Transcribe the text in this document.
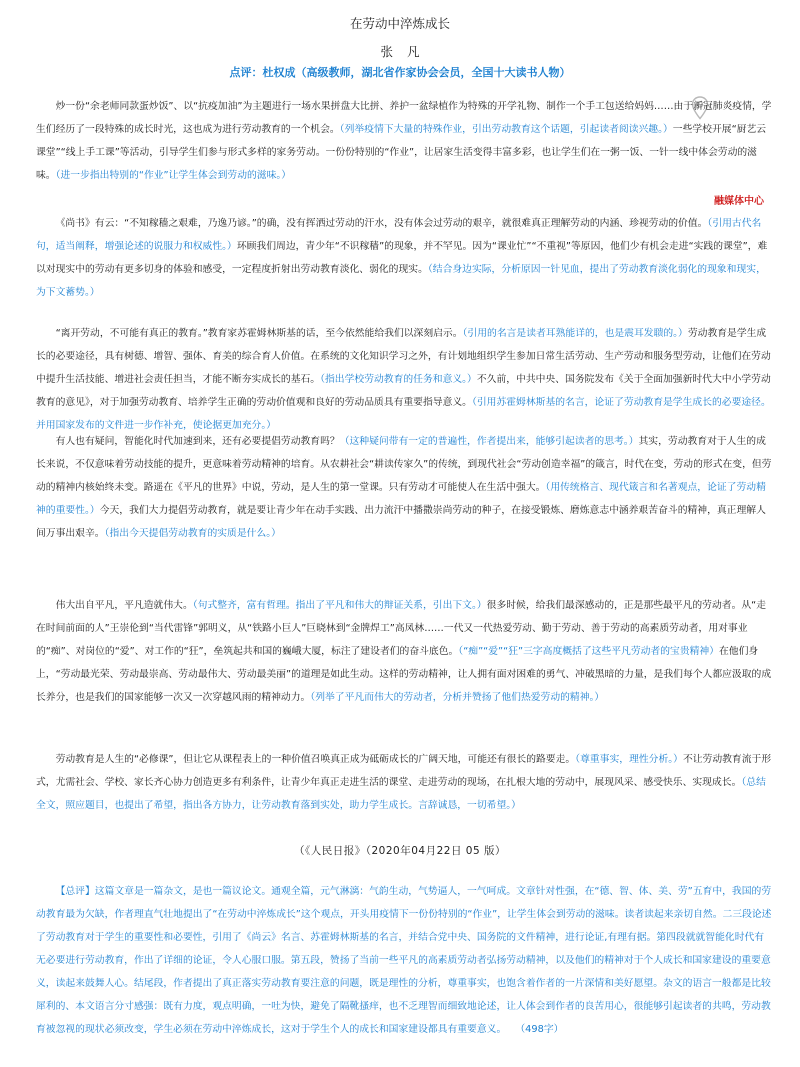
在劳动中淬炼成长
张凡
点评：杜权成（高级教师，湖北省作家协会会员，全国十大读书人物）

炒一份“余老师同款蛋炒饭”、以“抗疫加油”为主题进行一场水果拼盘大比拼、养护一盆绿植作为特殊的开学礼物、制作一个手工包送给妈妈……由于新冠肺炎疫情，学生们经历了一段特殊的成长时光，这也成为进行劳动教育的一个机会。（列举疫情下大量的特殊作业，引出劳动教育这个话题，引起读者阅读兴趣。）一些学校开展“厨艺云课堂”“线上手工课”等活动，引导学生们参与形式多样的家务劳动。一份份特别的“作业”，让居家生活变得丰富多彩，也让学生们在一粥一饭、一针一线中体会劳动的滋味。（进一步指出特别的“作业”让学生体会到劳动的滋味。）

融媒体中心

《尚书》有云：“不知稼穑之艰难，乃逸乃谚。”的确，没有挥洒过劳动的汗水，没有体会过劳动的艰辛，就很难真正理解劳动的内涵、珍视劳动的价值。（引用古代名句，适当阐释，增强论述的说服力和权威性。）环顾我们周边，青少年“不识稼穑”的现象，并不罕见。因为“课业忙”“不重视”等原因，他们少有机会走进“实践的课堂”，难以对现实中的劳动有更多切身的体验和感受，一定程度折射出劳动教育淡化、弱化的现实。（结合身边实际，分析原因一针见血，提出了劳动教育淡化弱化的现象和现实，为下文蓄势。）

“离开劳动，不可能有真正的教育。”教育家苏霍姆林斯基的话，至今依然能给我们以深刻启示。（引用的名言是读者耳熟能详的，也是震耳发聩的。）劳动教育是学生成长的必要途径，具有树德、增智、强体、育美的综合育人价值。在系统的文化知识学习之外，有计划地组织学生参加日常生活劳动、生产劳动和服务型劳动，让他们在劳动中提升生活技能、增进社会责任担当，才能不断夯实成长的基石。（指出学校劳动教育的任务和意义。）不久前，中共中央、国务院发布《关于全面加强新时代大中小学劳动教育的意见》，对于加强劳动教育、培养学生正确的劳动价值观和良好的劳动品质具有重要指导意义。（引用苏霍姆林斯基的名言，论证了劳动教育是学生成长的必要途径。并用国家发布的文件进一步作补充，使论据更加充分。）

有人也有疑问，智能化时代加速到来，还有必要提倡劳动教育吗？（这种疑问带有一定的普遍性，作者提出来，能够引起读者的思考。）其实，劳动教育对于人生的成长来说，不仅意味着劳动技能的提升，更意味着劳动精神的培育。从农耕社会“耕读传家久”的传统，到现代社会“劳动创造幸福”的箴言，时代在变，劳动的形式在变，但劳动的精神内核始终未变。路遥在《平凡的世界》中说，劳动，是人生的第一堂课。只有劳动才可能使人在生活中强大。（用传统格言、现代箴言和名著观点，论证了劳动精神的重要性。）今天，我们大力提倡劳动教育，就是要让青少年在动手实践、出力流汗中播撒崇尚劳动的种子，在接受锻炼、磨炼意志中涵养艰苦奋斗的精神，真正理解人间万事出艰辛。（指出今天提倡劳动教育的实质是什么。）

伟大出自平凡，平凡造就伟大。（句式整齐，富有哲理。指出了平凡和伟大的辩证关系，引出下文。）很多时候，给我们最深感动的，正是那些最平凡的劳动者。从“走在时间前面的人”王崇伦到“当代雷锋”郭明义，从“铁路小巨人”巨晓林到“金牌焊工”高凤林……一代又一代热爱劳动、勤于劳动、善于劳动的高素质劳动者，用对事业的“痴”、对岗位的“爱”、对工作的“狂”，垒筑起共和国的巍峨大厦，标注了建设者们的奋斗底色。（“痴”“爱”“狂”三字高度概括了这些平凡劳动者的宝贵精神）在他们身上，“劳动最光荣、劳动最崇高、劳动最伟大、劳动最美丽”的道理是如此生动。这样的劳动精神，让人拥有面对困难的勇气、冲破黑暗的力量，是我们每个人都应汲取的成长养分，也是我们的国家能够一次又一次穿越风雨的精神动力。（列举了平凡而伟大的劳动者，分析并赞扬了他们热爱劳动的精神。）

劳动教育是人生的“必修课”，但让它从课程表上的一种价值召唤真正成为砥砺成长的广阔天地，可能还有很长的路要走。（尊重事实，理性分析。）不让劳动教育流于形式，尤需社会、学校、家长齐心协力创造更多有利条件，让青少年真正走进生活的课堂、走进劳动的现场，在扎根大地的劳动中，展现风采、感受快乐、实现成长。（总结全文，照应题目，也提出了希望，指出各方协力，让劳动教育落到实处，助力学生成长。言辞诚恳，一切希望。）

（《人民日报》（2020年04月22日 05 版）

【总评】这篇文章是一篇杂文，是也一篇议论文。通观全篇，元气淋漓：气韵生动，气势逼人，一气呵成。文章针对性强，在“德、智、体、美、劳”五育中，我国的劳动教育最为欠缺，作者理直气壮地提出了“在劳动中淬炼成长”这个观点，开头用疫情下一份份特别的“作业”，让学生体会到劳动的滋味。读者读起来亲切自然。二三段论述了劳动教育对于学生的重要性和必要性，引用了《尚云》名言、苏霍姆林斯基的名言，并结合党中央、国务院的文件精神，进行论证,有理有据。第四段就就智能化时代有无必要进行劳动教育，作出了详细的论证，令人心服口服。第五段，赞扬了当前一些平凡的高素质劳动者弘扬劳动精神，以及他们的精神对于个人成长和国家建设的重要意义，读起来鼓舞人心。结尾段，作者提出了真正落实劳动教育要注意的问题，既是理性的分析，尊重事实，也饱含着作者的一片深情和美好愿望。杂文的语言一般都是比较犀利的、本文语言分寸感强：既有力度，观点明确，一吐为快，避免了隔靴搔痒，也不乏理智而细致地论述，让人体会到作者的良苦用心，很能够引起读者的共鸣，劳动教育被忽视的现状必须改变，学生必须在劳动中淬炼成长，这对于学生个人的成长和国家建设都具有重要意义。 （498字）
